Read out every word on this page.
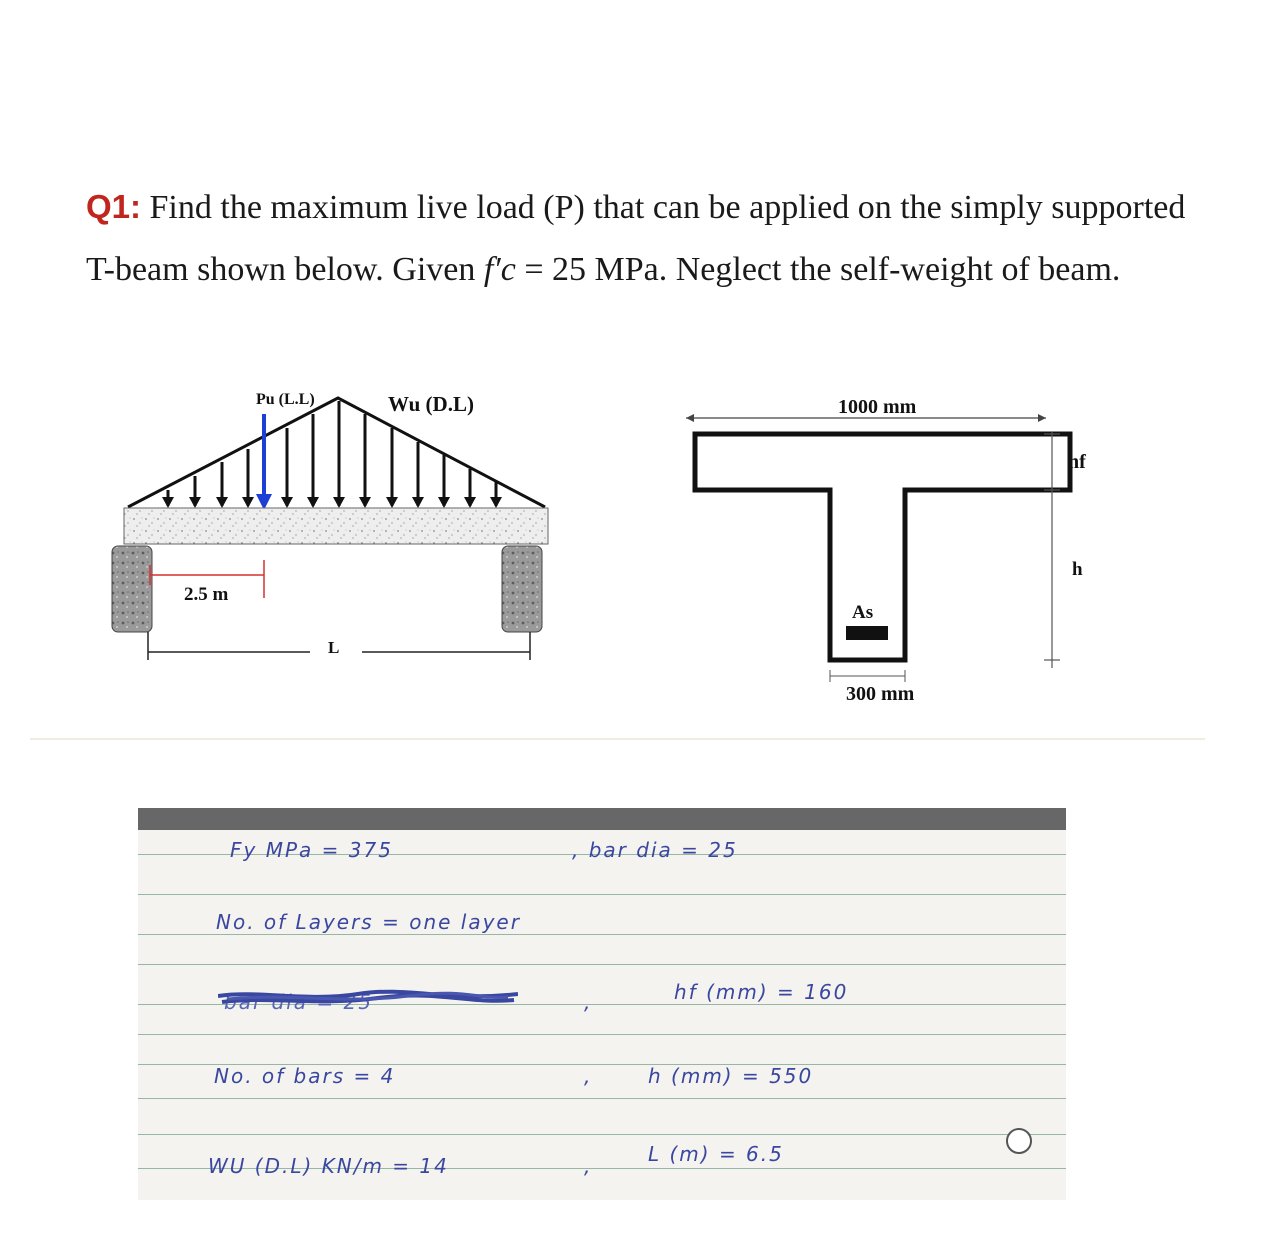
Q1: Find the maximum live load (P) that can be applied on the simply supported
T-beam shown below. Given f′c = 25 MPa. Neglect the self-weight of beam.
Pu (L.L)	Wu (D.L)
2.5 m
L
1000 mm
hf
h
As
300 mm
Fy MPa = 375	, bar dia = 25
No. of Layers = one layer
bar dia = 25	,	hf (mm) = 160
No. of bars = 4	,	h (mm) = 550
WU (D.L) KN/m = 14	,	L (m) = 6.5
